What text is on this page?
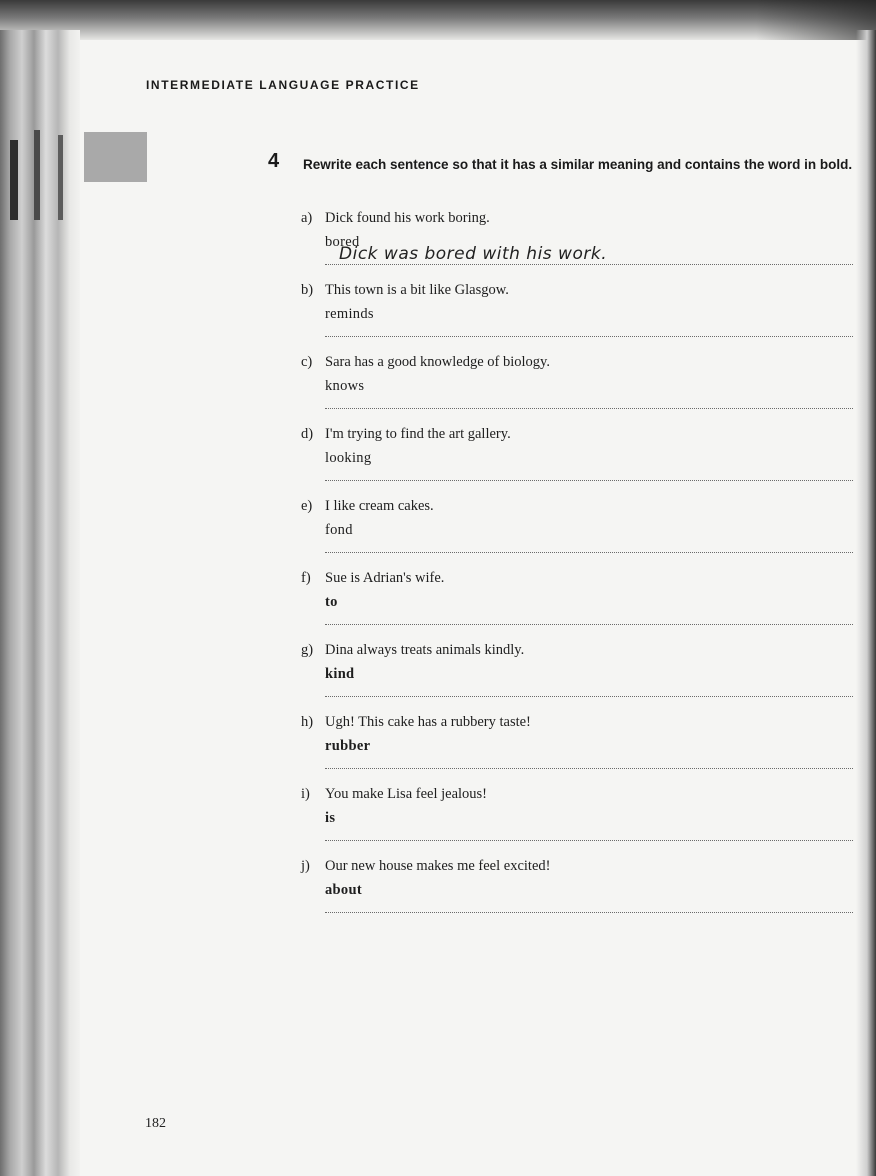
INTERMEDIATE LANGUAGE PRACTICE
4 Rewrite each sentence so that it has a similar meaning and contains the word in bold.
a) Dick found his work boring.
bored
Dick was bored with his work.
b) This town is a bit like Glasgow.
reminds
c) Sara has a good knowledge of biology.
knows
d) I'm trying to find the art gallery.
looking
e) I like cream cakes.
fond
f) Sue is Adrian's wife.
to
g) Dina always treats animals kindly.
kind
h) Ugh! This cake has a rubbery taste!
rubber
i) You make Lisa feel jealous!
is
j) Our new house makes me feel excited!
about
182
